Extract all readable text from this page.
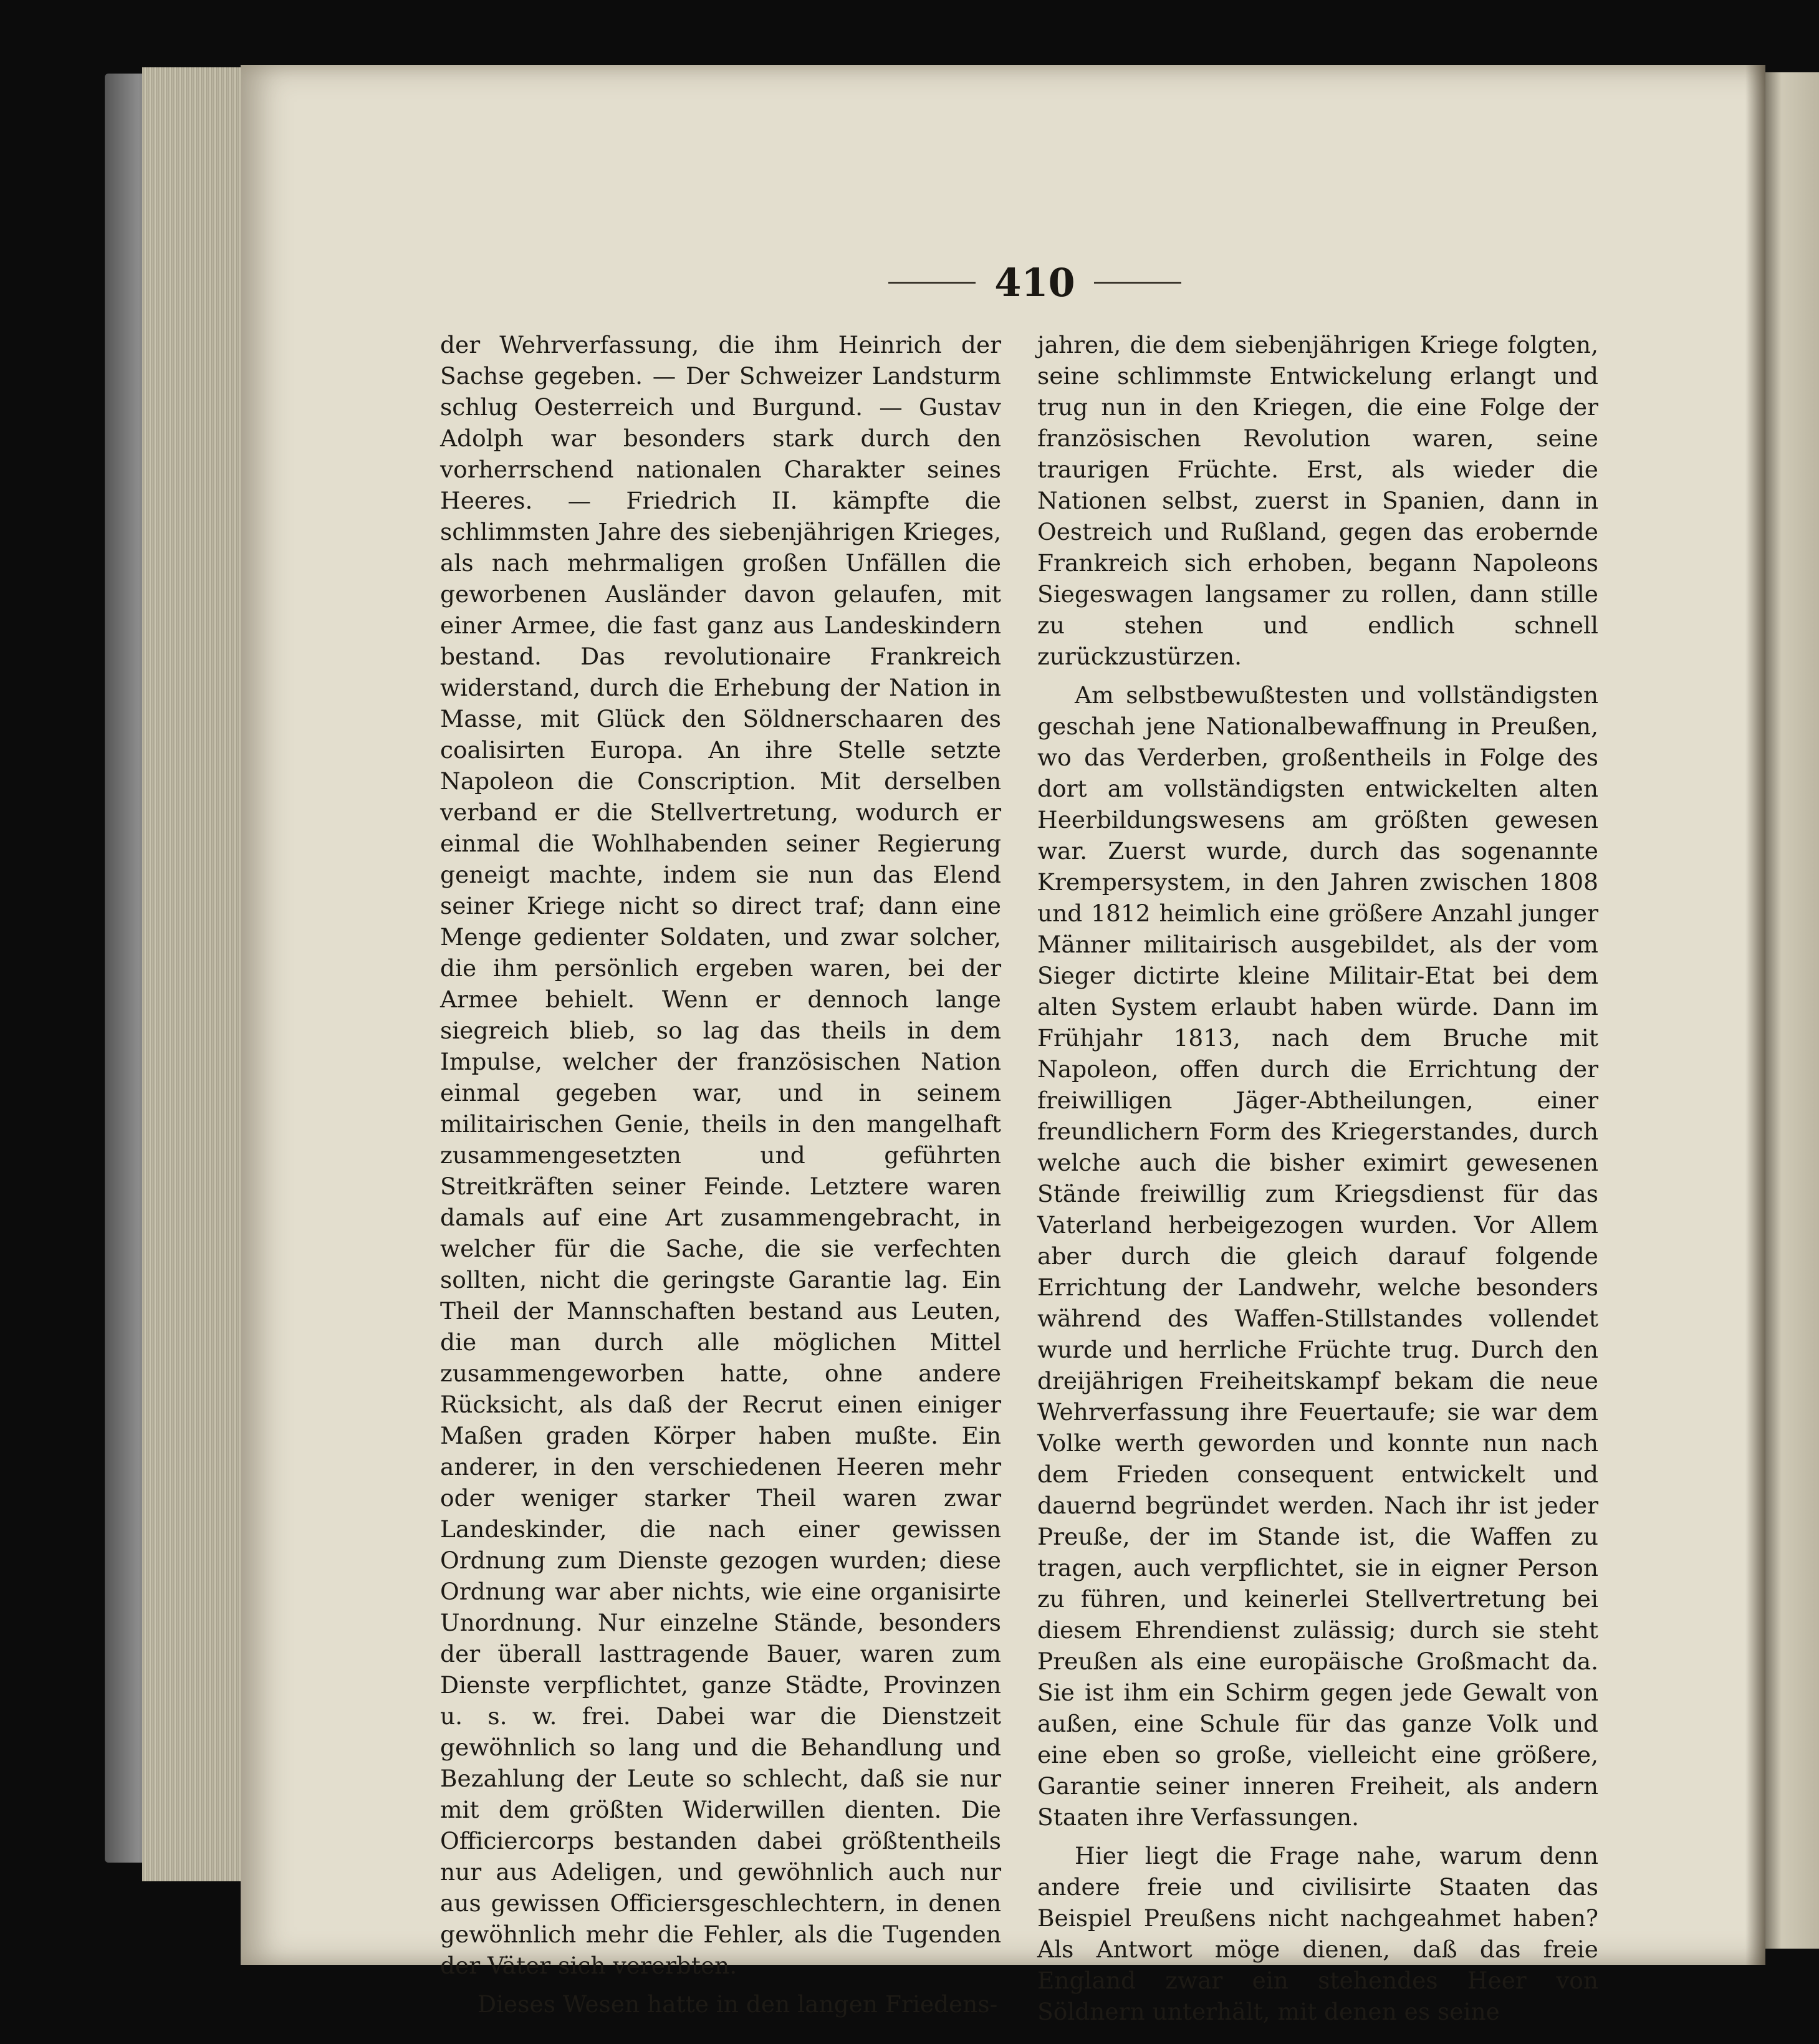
410

der Wehrverfassung, die ihm Heinrich der Sachse gegeben. — Der Schweizer Landsturm schlug Oesterreich und Burgund. — Gustav Adolph war besonders stark durch den vorherrschend nationalen Charakter seines Heeres. — Friedrich II. kämpfte die schlimmsten Jahre des siebenjährigen Krieges, als nach mehrmaligen großen Unfällen die geworbenen Ausländer davon gelaufen, mit einer Armee, die fast ganz aus Landeskindern bestand. Das revolutionaire Frankreich widerstand, durch die Erhebung der Nation in Masse, mit Glück den Söldnerschaaren des coalisirten Europa. An ihre Stelle setzte Napoleon die Conscription. Mit derselben verband er die Stellvertretung, wodurch er einmal die Wohlhabenden seiner Regierung geneigt machte, indem sie nun das Elend seiner Kriege nicht so direct traf; dann eine Menge gedienter Soldaten, und zwar solcher, die ihm persönlich ergeben waren, bei der Armee behielt. Wenn er dennoch lange siegreich blieb, so lag das theils in dem Impulse, welcher der französischen Nation einmal gegeben war, und in seinem militairischen Genie, theils in den mangelhaft zusammengesetzten und geführten Streitkräften seiner Feinde. Letztere waren damals auf eine Art zusammengebracht, in welcher für die Sache, die sie verfechten sollten, nicht die geringste Garantie lag. Ein Theil der Mannschaften bestand aus Leuten, die man durch alle möglichen Mittel zusammengeworben hatte, ohne andere Rücksicht, als daß der Recrut einen einiger Maßen graden Körper haben mußte. Ein anderer, in den verschiedenen Heeren mehr oder weniger starker Theil waren zwar Landeskinder, die nach einer gewissen Ordnung zum Dienste gezogen wurden; diese Ordnung war aber nichts, wie eine organisirte Unordnung. Nur einzelne Stände, besonders der überall lasttragende Bauer, waren zum Dienste verpflichtet, ganze Städte, Provinzen u. s. w. frei. Dabei war die Dienstzeit gewöhnlich so lang und die Behandlung und Bezahlung der Leute so schlecht, daß sie nur mit dem größten Widerwillen dienten. Die Officiercorps bestanden dabei größtentheils nur aus Adeligen, und gewöhnlich auch nur aus gewissen Officiersgeschlechtern, in denen gewöhnlich mehr die Fehler, als die Tugenden der Väter sich vererbten.

Dieses Wesen hatte in den langen Friedens-

jahren, die dem siebenjährigen Kriege folgten, seine schlimmste Entwickelung erlangt und trug nun in den Kriegen, die eine Folge der französischen Revolution waren, seine traurigen Früchte. Erst, als wieder die Nationen selbst, zuerst in Spanien, dann in Oestreich und Rußland, gegen das erobernde Frankreich sich erhoben, begann Napoleons Siegeswagen langsamer zu rollen, dann stille zu stehen und endlich schnell zurückzustürzen.

Am selbstbewußtesten und vollständigsten geschah jene Nationalbewaffnung in Preußen, wo das Verderben, großentheils in Folge des dort am vollständigsten entwickelten alten Heerbildungswesens am größten gewesen war. Zuerst wurde, durch das sogenannte Krempersystem, in den Jahren zwischen 1808 und 1812 heimlich eine größere Anzahl junger Männer militairisch ausgebildet, als der vom Sieger dictirte kleine Militair-Etat bei dem alten System erlaubt haben würde. Dann im Frühjahr 1813, nach dem Bruche mit Napoleon, offen durch die Errichtung der freiwilligen Jäger-Abtheilungen, einer freundlichern Form des Kriegerstandes, durch welche auch die bisher eximirt gewesenen Stände freiwillig zum Kriegsdienst für das Vaterland herbeigezogen wurden. Vor Allem aber durch die gleich darauf folgende Errichtung der Landwehr, welche besonders während des Waffen-Stillstandes vollendet wurde und herrliche Früchte trug. Durch den dreijährigen Freiheitskampf bekam die neue Wehrverfassung ihre Feuertaufe; sie war dem Volke werth geworden und konnte nun nach dem Frieden consequent entwickelt und dauernd begründet werden. Nach ihr ist jeder Preuße, der im Stande ist, die Waffen zu tragen, auch verpflichtet, sie in eigner Person zu führen, und keinerlei Stellvertretung bei diesem Ehrendienst zulässig; durch sie steht Preußen als eine europäische Großmacht da. Sie ist ihm ein Schirm gegen jede Gewalt von außen, eine Schule für das ganze Volk und eine eben so große, vielleicht eine größere, Garantie seiner inneren Freiheit, als andern Staaten ihre Verfassungen.

Hier liegt die Frage nahe, warum denn andere freie und civilisirte Staaten das Beispiel Preußens nicht nachgeahmet haben? Als Antwort möge dienen, daß das freie England zwar ein stehendes Heer von Söldnern unterhält, mit denen es seine
